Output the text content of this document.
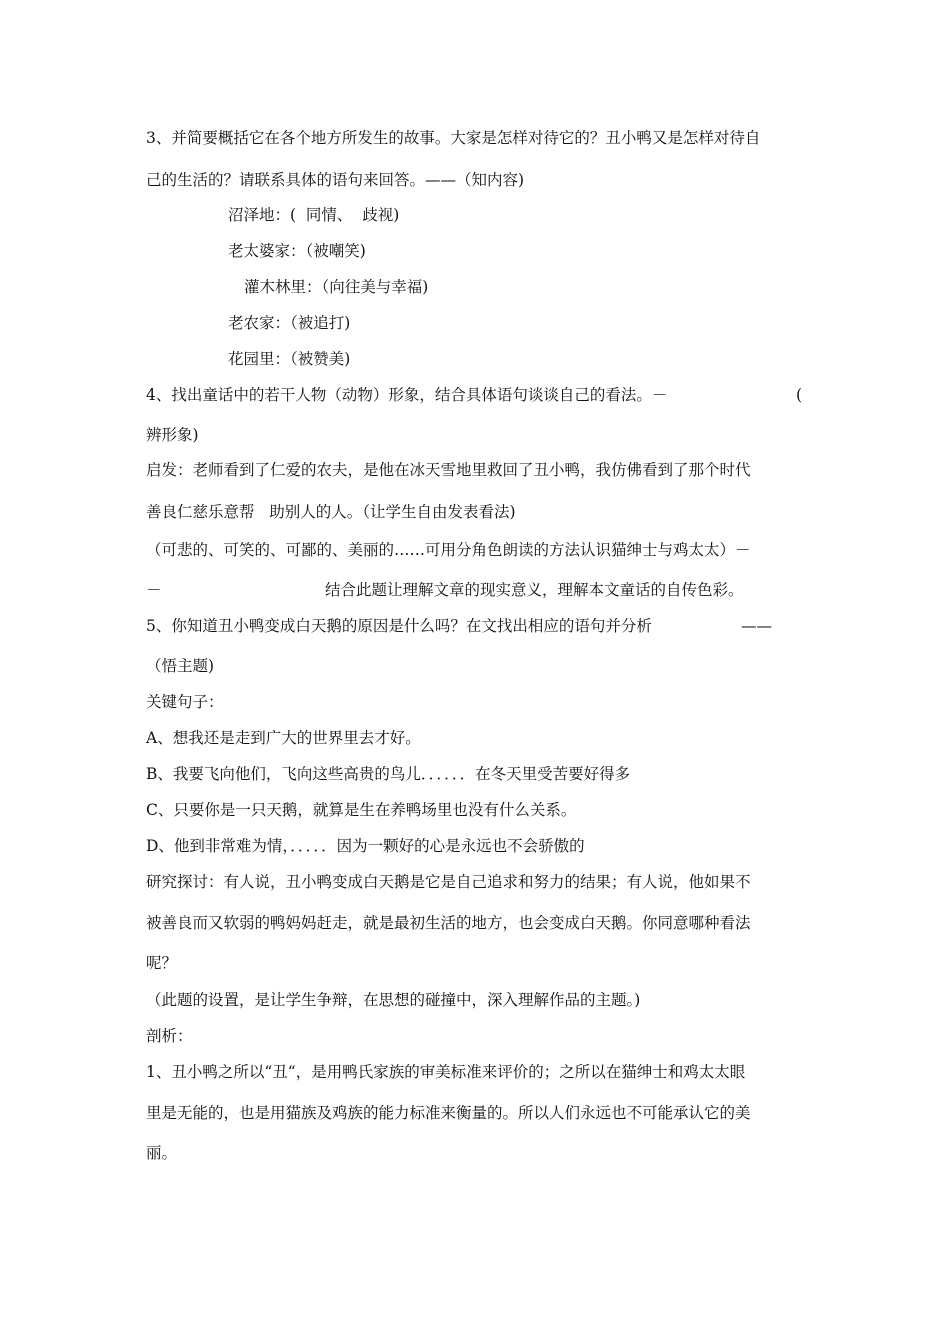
3、并简要概括它在各个地方所发生的故事。大家是怎样对待它的？丑小鸭又是怎样对待自
己的生活的？请联系具体的语句来回答。——（知内容)
沼泽地：(  同情、  歧视)
老太婆家：（被嘲笑)
灌木林里：（向往美与幸福)
老农家：（被追打)
花园里：（被赞美)
4、找出童话中的若干人物（动物）形象，结合具体语句谈谈自己的看法。－	(
辨形象)
启发：老师看到了仁爱的农夫，是他在冰天雪地里救回了丑小鸭，我仿佛看到了那个时代
善良仁慈乐意帮   助别人的人。（让学生自由发表看法)
（可悲的、可笑的、可鄙的、美丽的……可用分角色朗读的方法认识猫绅士与鸡太太）－
－	结合此题让理解文章的现实意义，理解本文童话的自传色彩。
5、你知道丑小鸭变成白天鹅的原因是什么吗？在文找出相应的语句并分析	——
（悟主题)
关键句子：
A、想我还是走到广大的世界里去才好。
B、我要飞向他们，飞向这些高贵的鸟儿．．．．．．在冬天里受苦要好得多
C、只要你是一只天鹅，就算是生在养鸭场里也没有什么关系。
D、他到非常难为情，．．．．．因为一颗好的心是永远也不会骄傲的
研究探讨：有人说，丑小鸭变成白天鹅是它是自己追求和努力的结果；有人说，他如果不
被善良而又软弱的鸭妈妈赶走，就是最初生活的地方，也会变成白天鹅。你同意哪种看法
呢？
（此题的设置，是让学生争辩，在思想的碰撞中，深入理解作品的主题。)
剖析：
1、丑小鸭之所以“丑“，是用鸭氏家族的审美标准来评价的；之所以在猫绅士和鸡太太眼
里是无能的，也是用猫族及鸡族的能力标准来衡量的。所以人们永远也不可能承认它的美
丽。
